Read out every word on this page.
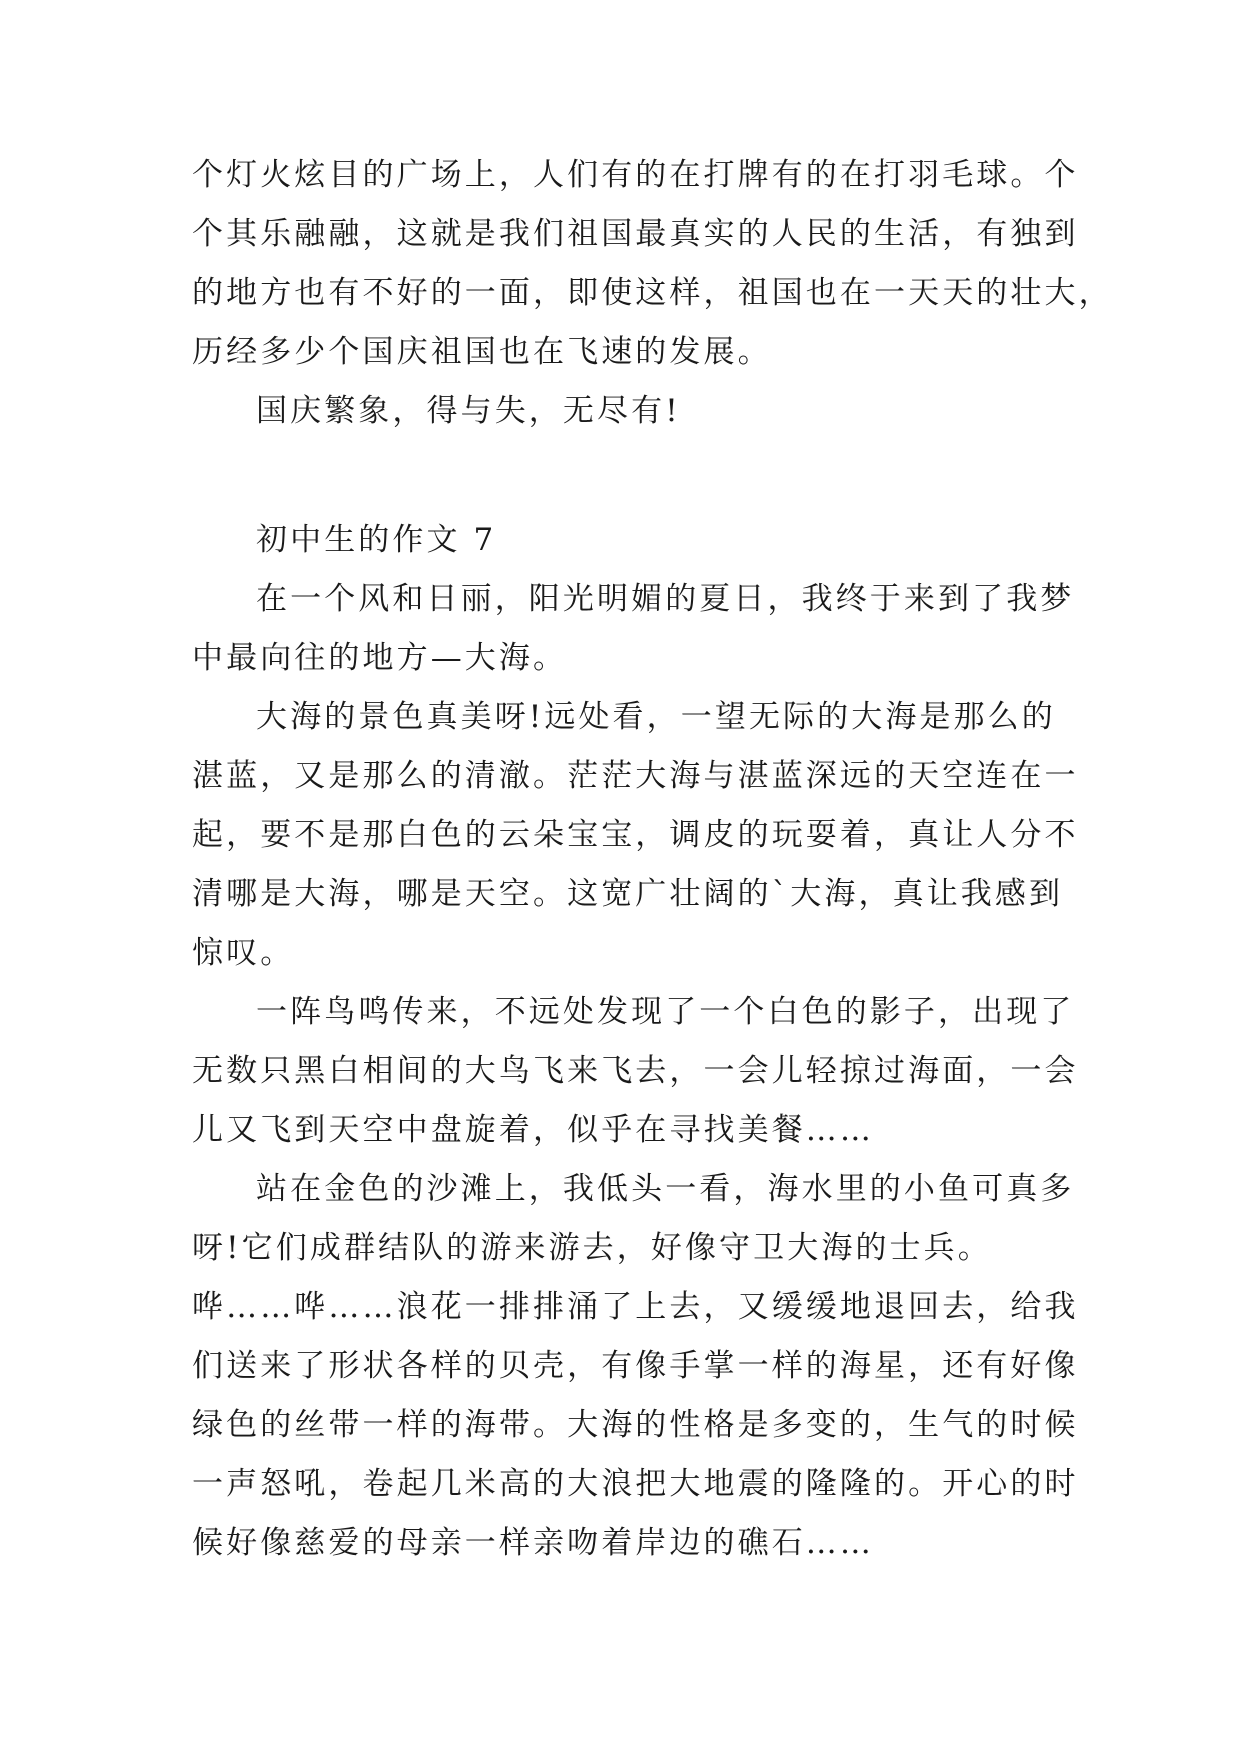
个灯火炫目的广场上，人们有的在打牌有的在打羽毛球。个
个其乐融融，这就是我们祖国最真实的人民的生活，有独到
的地方也有不好的一面，即使这样，祖国也在一天天的壮大，
历经多少个国庆祖国也在飞速的发展。
国庆繁象，得与失，无尽有!
初中生的作文 7
在一个风和日丽，阳光明媚的夏日，我终于来到了我梦
中最向往的地方—大海。
大海的景色真美呀!远处看，一望无际的大海是那么的
湛蓝，又是那么的清澈。茫茫大海与湛蓝深远的天空连在一
起，要不是那白色的云朵宝宝，调皮的玩耍着，真让人分不
清哪是大海，哪是天空。这宽广壮阔的`大海，真让我感到
惊叹。
一阵鸟鸣传来，不远处发现了一个白色的影子，出现了
无数只黑白相间的大鸟飞来飞去，一会儿轻掠过海面，一会
儿又飞到天空中盘旋着，似乎在寻找美餐……
站在金色的沙滩上，我低头一看，海水里的小鱼可真多
呀!它们成群结队的游来游去，好像守卫大海的士兵。
哗……哗……浪花一排排涌了上去，又缓缓地退回去，给我
们送来了形状各样的贝壳，有像手掌一样的海星，还有好像
绿色的丝带一样的海带。大海的性格是多变的，生气的时候
一声怒吼，卷起几米高的大浪把大地震的隆隆的。开心的时
候好像慈爱的母亲一样亲吻着岸边的礁石……
